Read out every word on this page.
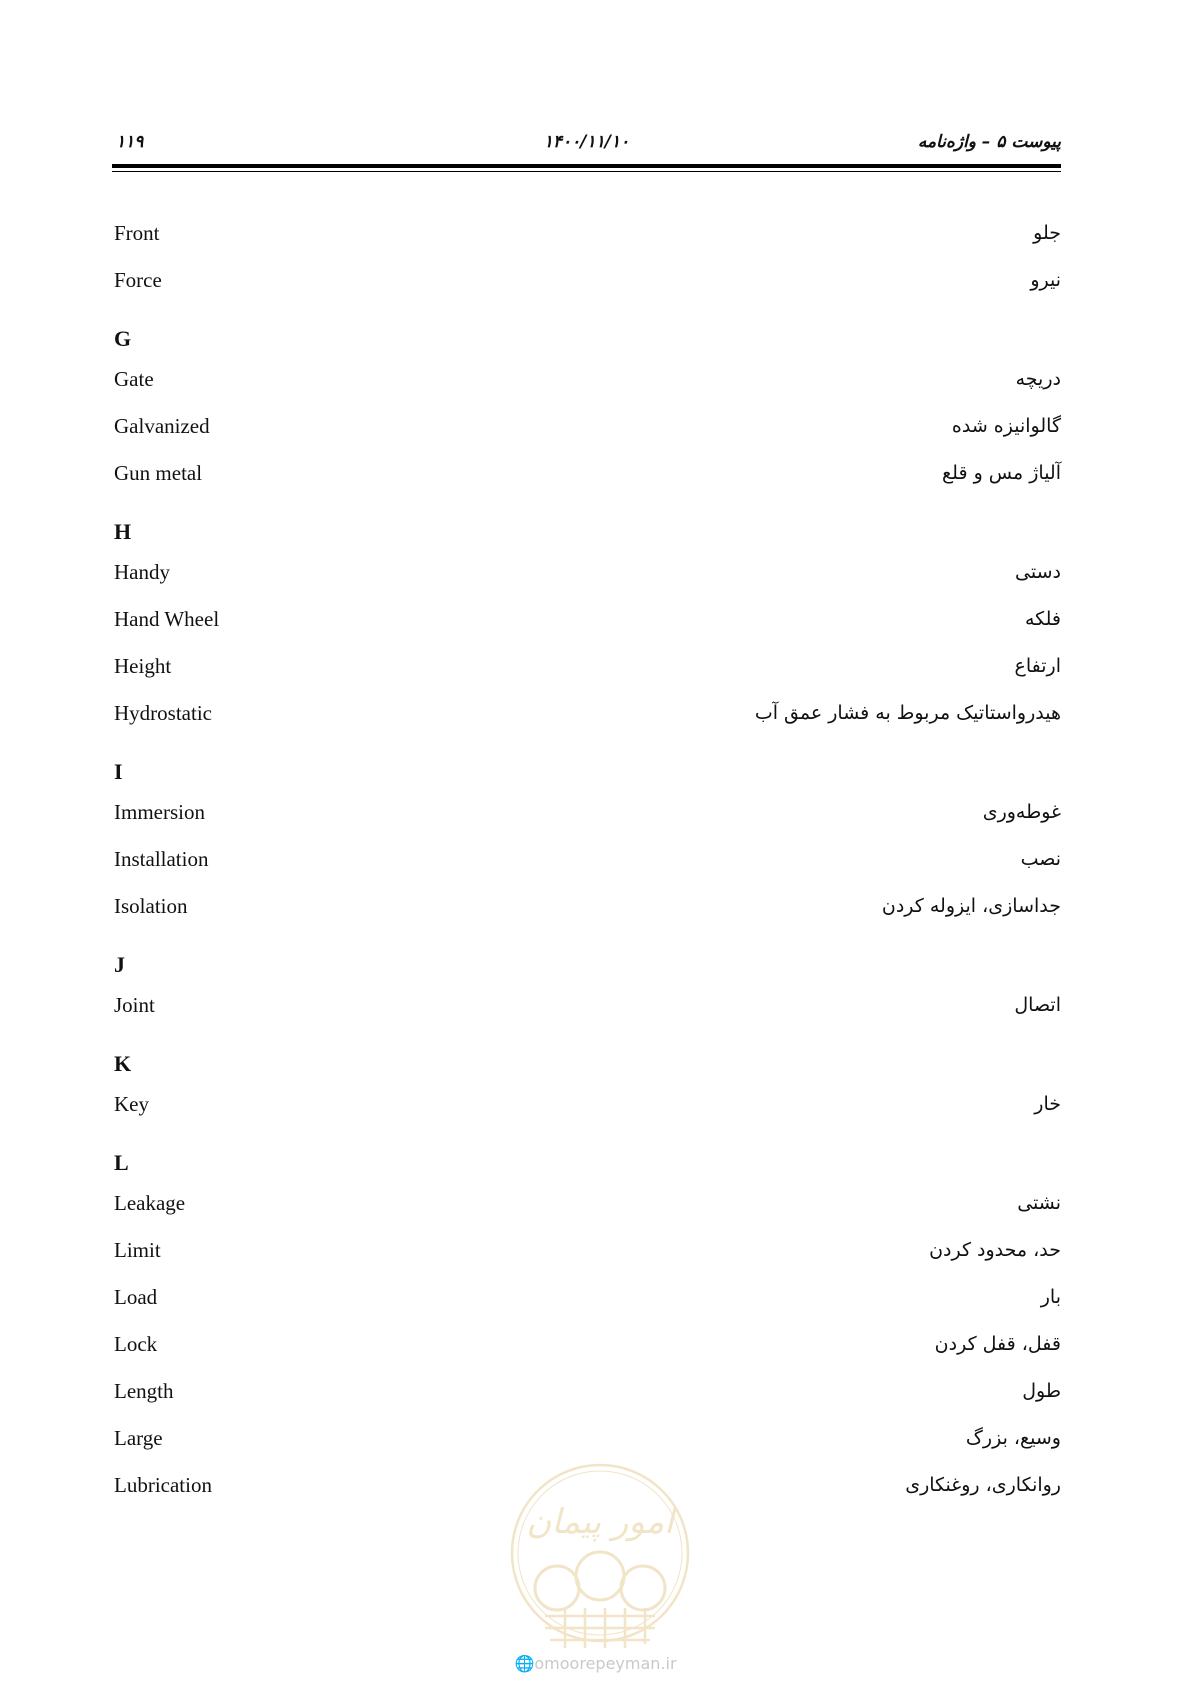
۱۱۹	۱۴۰۰/۱۱/۱۰	پیوست ۵ – واژه‌نامه
Front	جلو
Force	نیرو
G
Gate	دریچه
Galvanized	گالوانیزه شده
Gun metal	آلیاژ مس و قلع
H
Handy	دستی
Hand Wheel	فلکه
Height	ارتفاع
Hydrostatic	هیدرواستاتیک مربوط به فشار عمق آب
I
Immersion	غوطه‌وری
Installation	نصب
Isolation	جداسازی، ایزوله کردن
J
Joint	اتصال
K
Key	خار
L
Leakage	نشتی
Limit	حد، محدود کردن
Load	بار
Lock	قفل، قفل کردن
Length	طول
Large	وسیع، بزرگ
Lubrication	روانکاری، روغنکاری
امور پیمان
🌐omoorepeyman.ir
